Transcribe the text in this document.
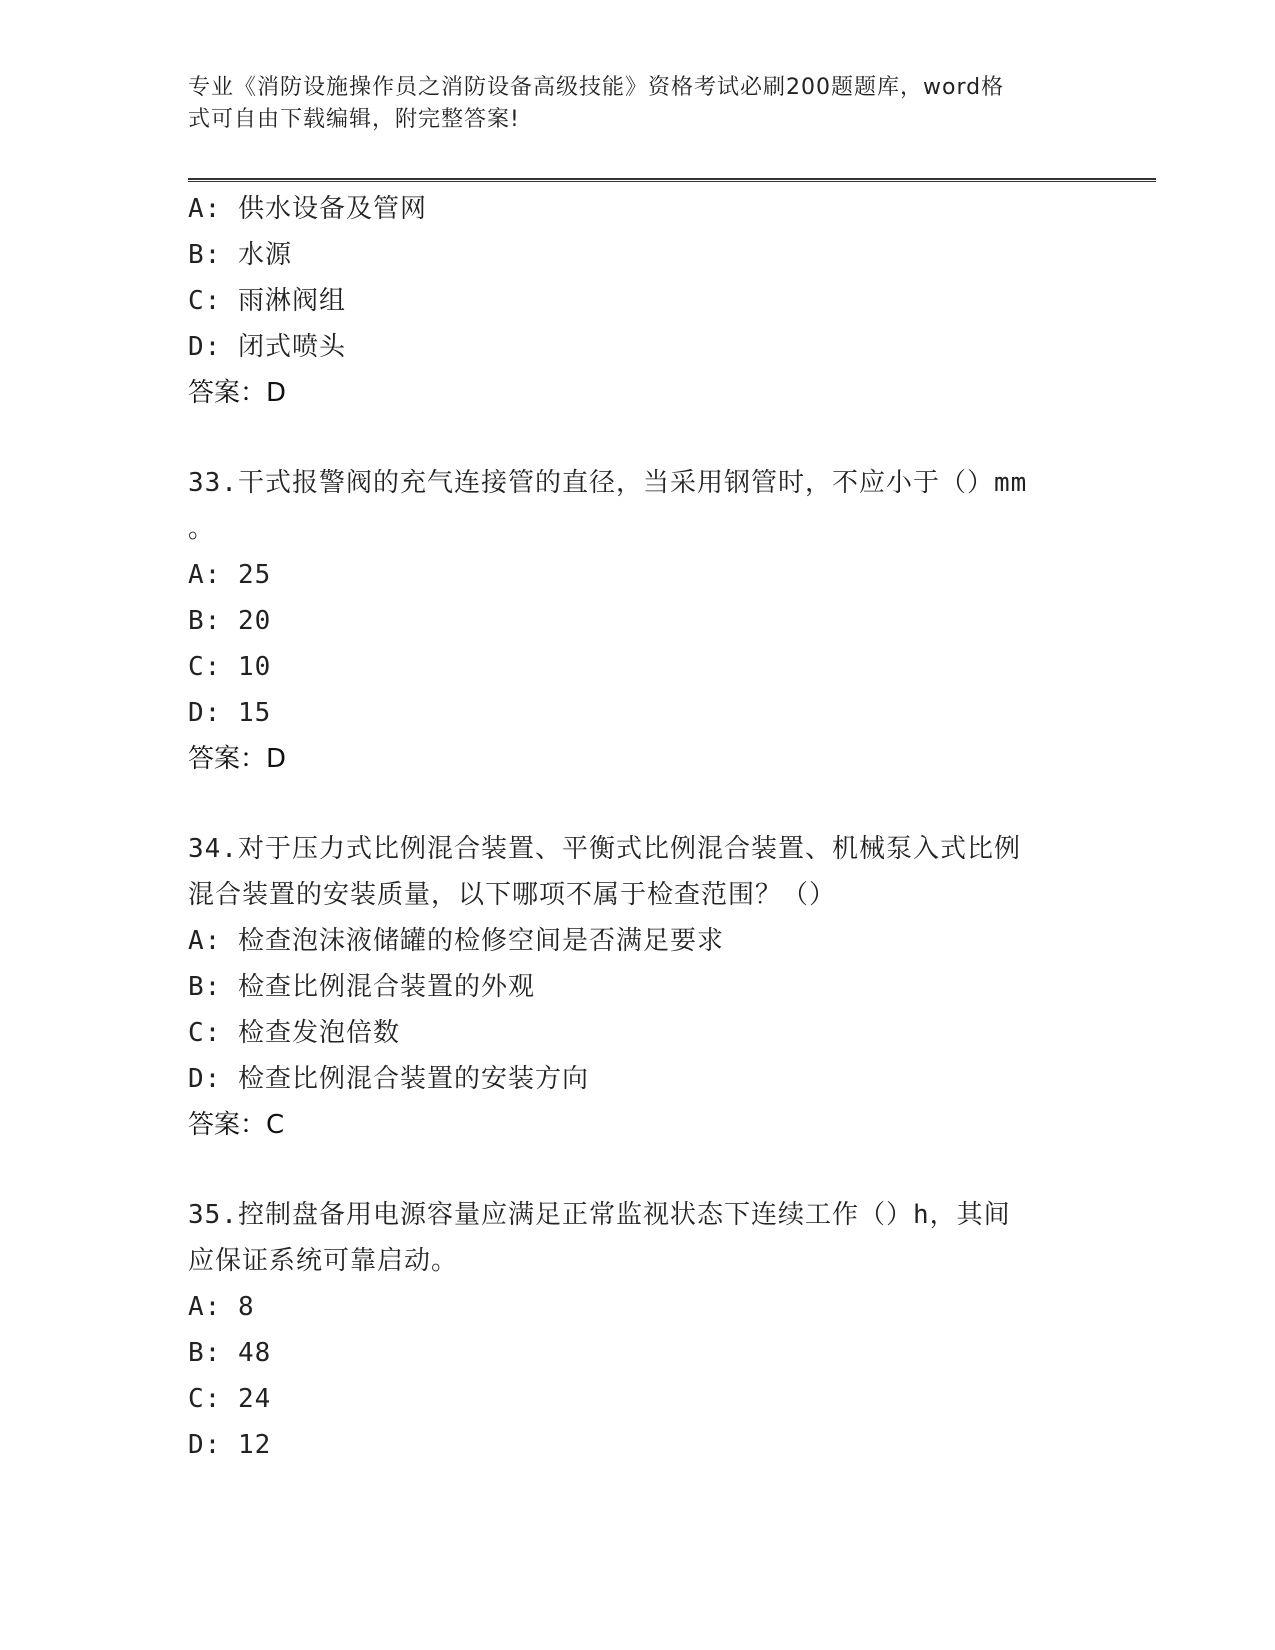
专业《消防设施操作员之消防设备高级技能》资格考试必刷200题题库，word格
式可自由下载编辑，附完整答案!
A: 供水设备及管网
B: 水源
C: 雨淋阀组
D: 闭式喷头
答案：D
33.干式报警阀的充气连接管的直径，当采用钢管时，不应小于（）mm
。
A: 25
B: 20
C: 10
D: 15
答案：D
34.对于压力式比例混合装置、平衡式比例混合装置、机械泵入式比例
混合装置的安装质量，以下哪项不属于检查范围？（）
A: 检查泡沫液储罐的检修空间是否满足要求
B: 检查比例混合装置的外观
C: 检查发泡倍数
D: 检查比例混合装置的安装方向
答案：C
35.控制盘备用电源容量应满足正常监视状态下连续工作（）h，其间
应保证系统可靠启动。
A: 8
B: 48
C: 24
D: 12
